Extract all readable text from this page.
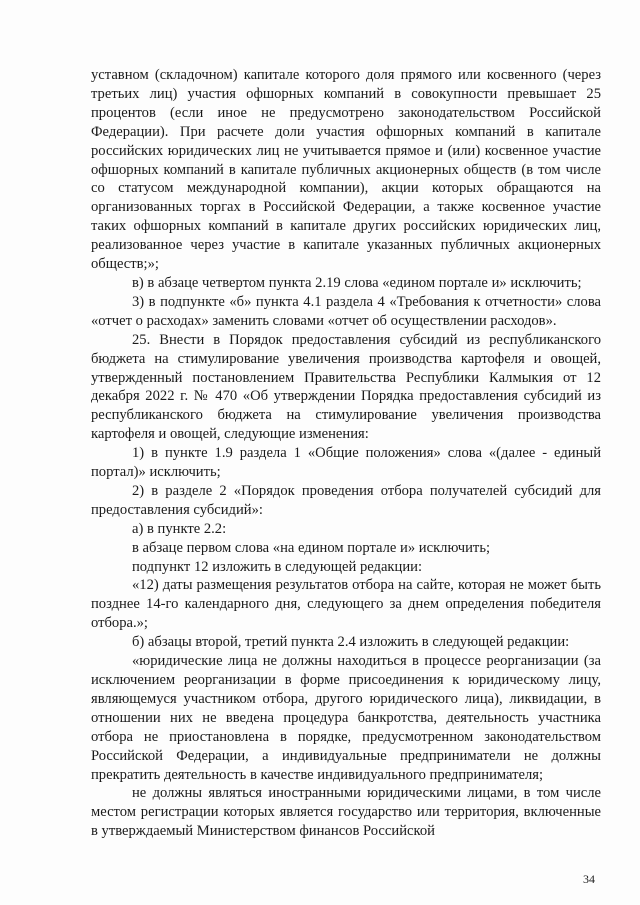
уставном (складочном) капитале которого доля прямого или косвенного (через третьих лиц) участия офшорных компаний в совокупности превышает 25 процентов (если иное не предусмотрено законодательством Российской Федерации). При расчете доли участия офшорных компаний в капитале российских юридических лиц не учитывается прямое и (или) косвенное участие офшорных компаний в капитале публичных акционерных обществ (в том числе со статусом международной компании), акции которых обращаются на организованных торгах в Российской Федерации, а также косвенное участие таких офшорных компаний в капитале других российских юридических лиц, реализованное через участие в капитале указанных публичных акционерных обществ;»;

в) в абзаце четвертом пункта 2.19 слова «едином портале и» исключить;

3) в подпункте «б» пункта 4.1 раздела 4 «Требования к отчетности» слова «отчет о расходах» заменить словами «отчет об осуществлении расходов».

25. Внести в Порядок предоставления субсидий из республиканского бюджета на стимулирование увеличения производства картофеля и овощей, утвержденный постановлением Правительства Республики Калмыкия от 12 декабря 2022 г. № 470 «Об утверждении Порядка предоставления субсидий из республиканского бюджета на стимулирование увеличения производства картофеля и овощей, следующие изменения:

1) в пункте 1.9 раздела 1 «Общие положения» слова «(далее - единый портал)» исключить;

2) в разделе 2 «Порядок проведения отбора получателей субсидий для предоставления субсидий»:

а) в пункте 2.2:

в абзаце первом слова «на едином портале и» исключить;

подпункт 12 изложить в следующей редакции:

«12) даты размещения результатов отбора на сайте, которая не может быть позднее 14-го календарного дня, следующего за днем определения победителя отбора.»;

б) абзацы второй, третий пункта 2.4 изложить в следующей редакции:

«юридические лица не должны находиться в процессе реорганизации (за исключением реорганизации в форме присоединения к юридическому лицу, являющемуся участником отбора, другого юридического лица), ликвидации, в отношении них не введена процедура банкротства, деятельность участника отбора не приостановлена в порядке, предусмотренном законодательством Российской Федерации, а индивидуальные предприниматели не должны прекратить деятельность в качестве индивидуального предпринимателя;

не должны являться иностранными юридическими лицами, в том числе местом регистрации которых является государство или территория, включенные в утверждаемый Министерством финансов Российской

34
